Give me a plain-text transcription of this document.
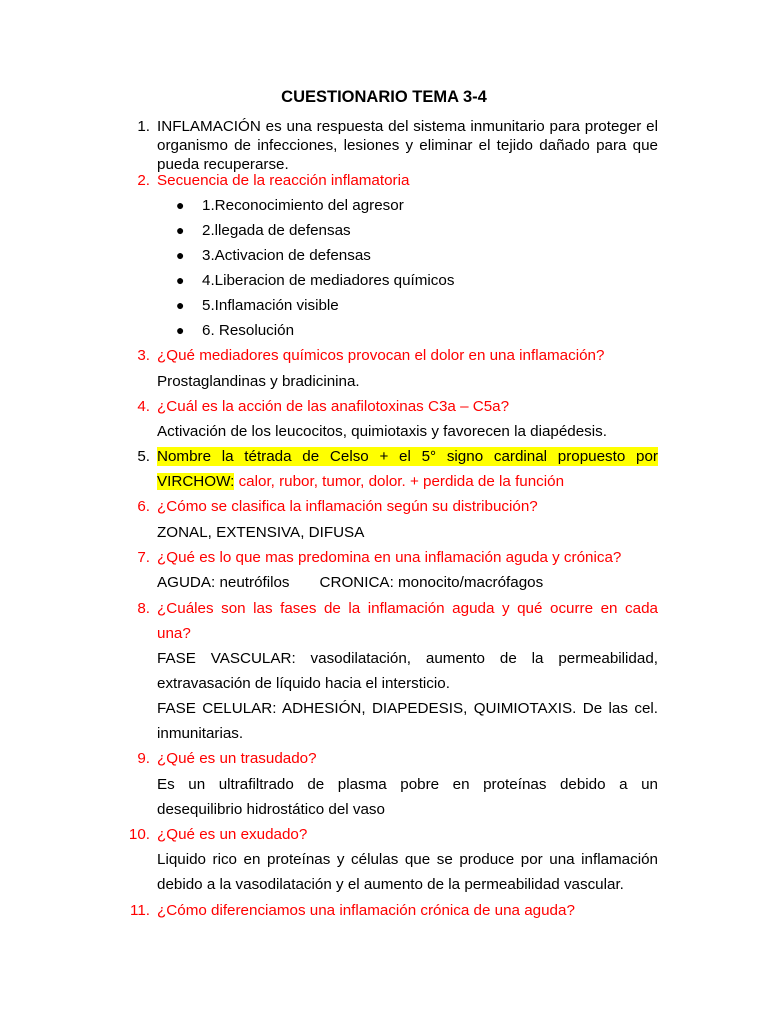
CUESTIONARIO TEMA 3-4
1. INFLAMACIÓN es una respuesta del sistema inmunitario para proteger el organismo de infecciones, lesiones y eliminar el tejido dañado para que pueda recuperarse.
2. Secuencia de la reacción inflamatoria
● 1.Reconocimiento del agresor
● 2.llegada de defensas
● 3.Activacion de defensas
● 4.Liberacion de mediadores químicos
● 5.Inflamación visible
● 6. Resolución
3. ¿Qué mediadores químicos provocan el dolor en una inflamación?
Prostaglandinas y bradicinina.
4. ¿Cuál es la acción de las anafilotoxinas C3a – C5a?
Activación de los leucocitos, quimiotaxis y favorecen la diapédesis.
5. Nombre la tétrada de Celso + el 5° signo cardinal propuesto por
VIRCHOW: calor, rubor, tumor, dolor. + perdida de la función
6. ¿Cómo se clasifica la inflamación según su distribución?
ZONAL, EXTENSIVA, DIFUSA
7. ¿Qué es lo que mas predomina en una inflamación aguda y crónica?
AGUDA: neutrófilos CRONICA: monocito/macrófagos
8. ¿Cuáles son las fases de la inflamación aguda y qué ocurre en cada
una?
FASE VASCULAR: vasodilatación, aumento de la permeabilidad,
extravasación de líquido hacia el intersticio.
FASE CELULAR: ADHESIÓN, DIAPEDESIS, QUIMIOTAXIS. De las cel.
inmunitarias.
9. ¿Qué es un trasudado?
Es un ultrafiltrado de plasma pobre en proteínas debido a un
desequilibrio hidrostático del vaso
10. ¿Qué es un exudado?
Liquido rico en proteínas y células que se produce por una inflamación
debido a la vasodilatación y el aumento de la permeabilidad vascular.
11. ¿Cómo diferenciamos una inflamación crónica de una aguda?
